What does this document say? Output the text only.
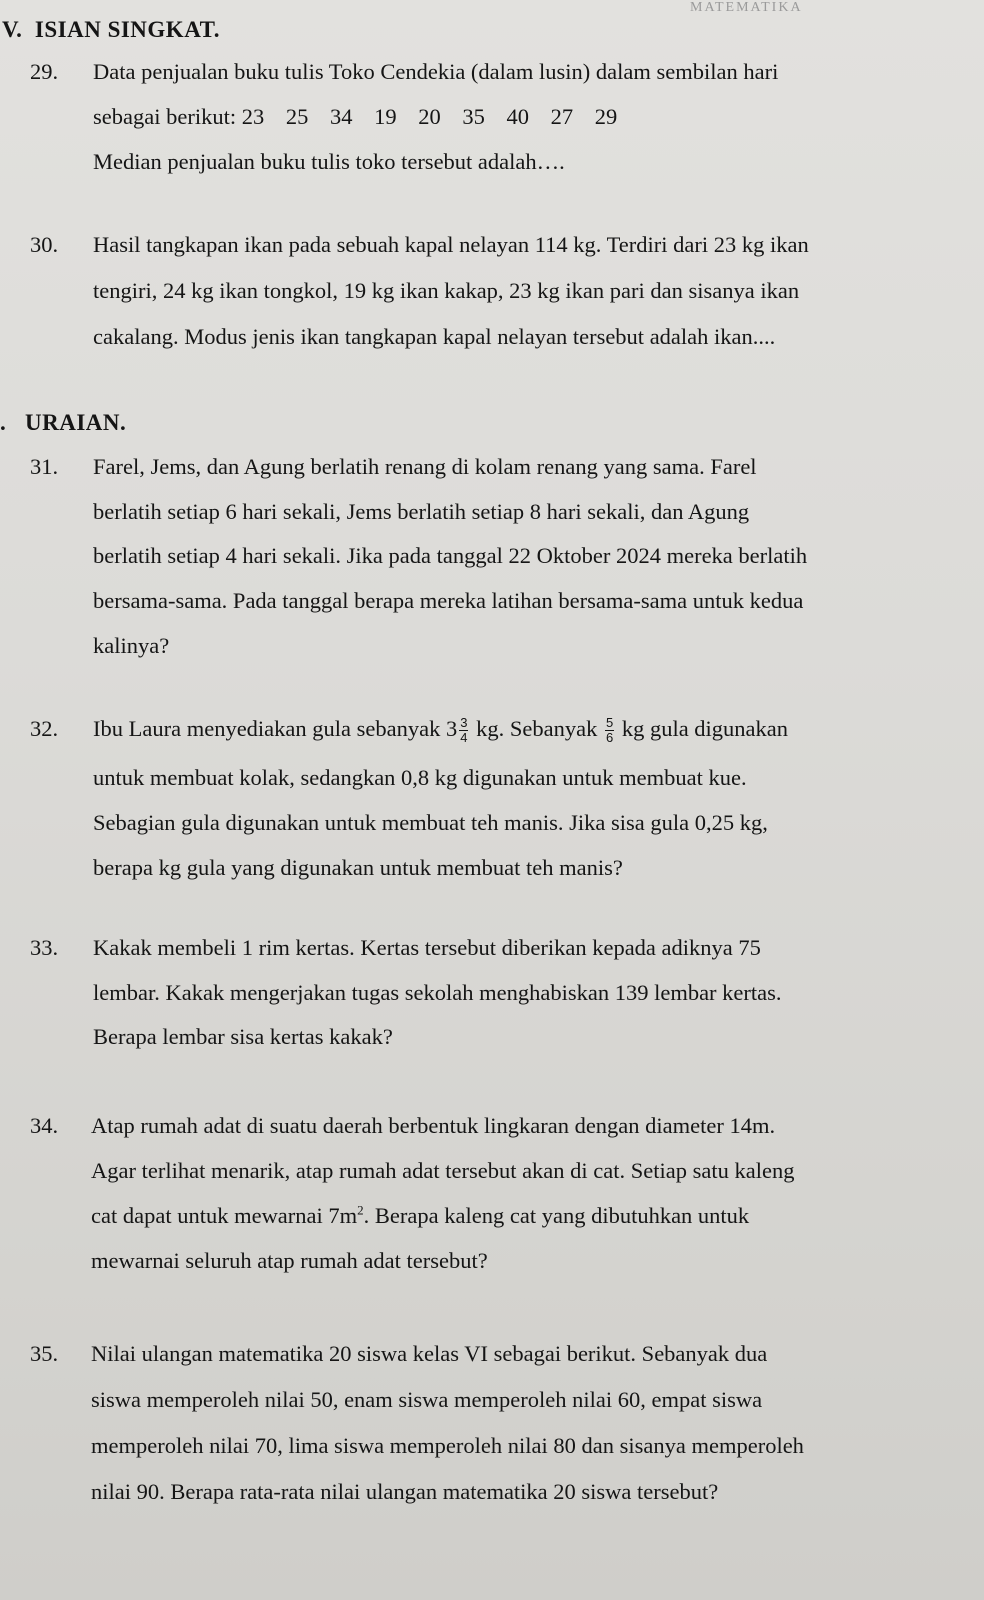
MATEMATIKA
V. ISIAN SINGKAT.
29. Data penjualan buku tulis Toko Cendekia (dalam lusin) dalam sembilan hari
sebagai berikut: 23 25 34 19 20 35 40 27 29
Median penjualan buku tulis toko tersebut adalah….
30. Hasil tangkapan ikan pada sebuah kapal nelayan 114 kg. Terdiri dari 23 kg ikan
tengiri, 24 kg ikan tongkol, 19 kg ikan kakap, 23 kg ikan pari dan sisanya ikan
cakalang. Modus jenis ikan tangkapan kapal nelayan tersebut adalah ikan....
. URAIAN.
31. Farel, Jems, dan Agung berlatih renang di kolam renang yang sama. Farel
berlatih setiap 6 hari sekali, Jems berlatih setiap 8 hari sekali, dan Agung
berlatih setiap 4 hari sekali. Jika pada tanggal 22 Oktober 2024 mereka berlatih
bersama-sama. Pada tanggal berapa mereka latihan bersama-sama untuk kedua
kalinya?
32. Ibu Laura menyediakan gula sebanyak $3 \frac{3}{4}$ kg. Sebanyak $\frac{5}{6}$ kg gula digunakan
untuk membuat kolak, sedangkan 0,8 kg digunakan untuk membuat kue.
Sebagian gula digunakan untuk membuat teh manis. Jika sisa gula 0,25 kg,
berapa kg gula yang digunakan untuk membuat teh manis?
33. Kakak membeli 1 rim kertas. Kertas tersebut diberikan kepada adiknya 75
lembar. Kakak mengerjakan tugas sekolah menghabiskan 139 lembar kertas.
Berapa lembar sisa kertas kakak?
34. Atap rumah adat di suatu daerah berbentuk lingkaran dengan diameter 14m.
Agar terlihat menarik, atap rumah adat tersebut akan di cat. Setiap satu kaleng
cat dapat untuk mewarnai $7m^2$. Berapa kaleng cat yang dibutuhkan untuk
mewarnai seluruh atap rumah adat tersebut?
35. Nilai ulangan matematika 20 siswa kelas VI sebagai berikut. Sebanyak dua
siswa memperoleh nilai 50, enam siswa memperoleh nilai 60, empat siswa
memperoleh nilai 70, lima siswa memperoleh nilai 80 dan sisanya memperoleh
nilai 90. Berapa rata-rata nilai ulangan matematika 20 siswa tersebut?
